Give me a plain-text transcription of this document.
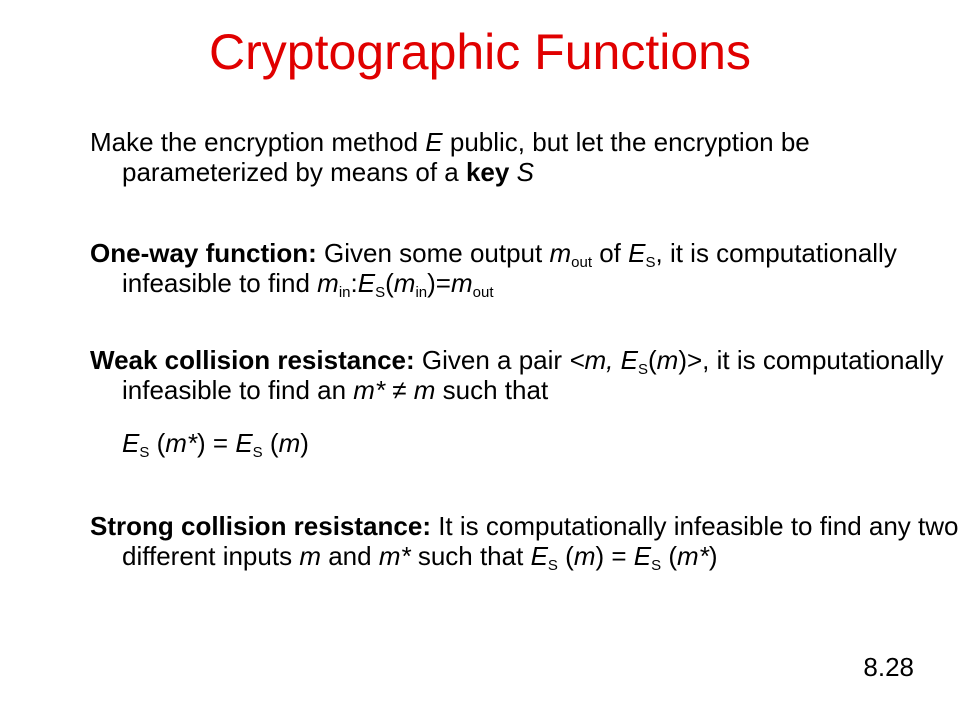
Cryptographic Functions
Make the encryption method E public, but let the encryption be parameterized by means of a key S
One-way function: Given some output $m_{out}$ of $E_S$, it is computationally infeasible to find $m_{in}:E_S(m_{in})=m_{out}$
Weak collision resistance: Given a pair <m, $E_S(m)>$, it is computationally infeasible to find an m* ≠ m such that
$E_S$ $(m*) = E_S$ (m)
Strong collision resistance: It is computationally infeasible to find any two different inputs m and m* such that $E_S$ $(m) = E_S$ (m*)
8.28
